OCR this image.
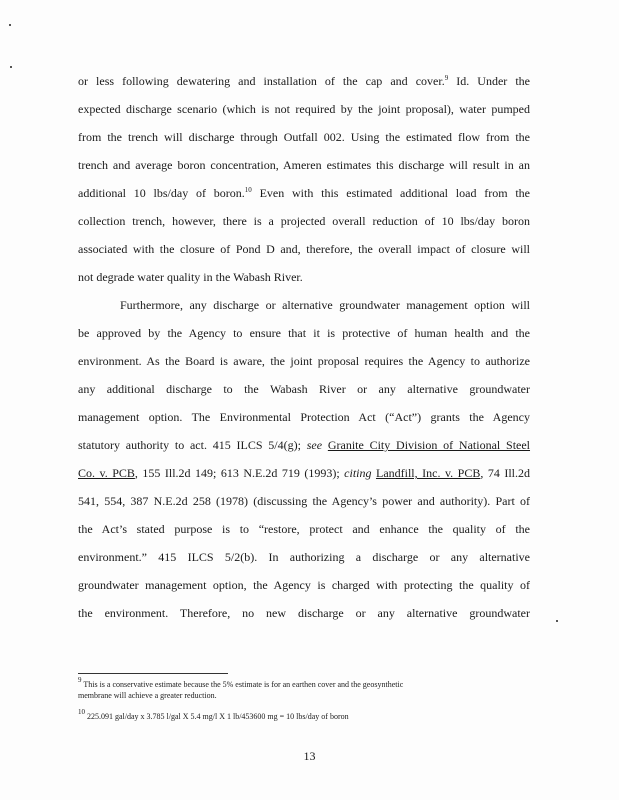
or less following dewatering and installation of the cap and cover.$^9$ Id. Under the
expected discharge scenario (which is not required by the joint proposal), water pumped
from the trench will discharge through Outfall 002. Using the estimated flow from the
trench and average boron concentration, Ameren estimates this discharge will result in an
additional 10 lbs/day of boron.$^{10}$ Even with this estimated additional load from the
collection trench, however, there is a projected overall reduction of 10 lbs/day boron
associated with the closure of Pond D and, therefore, the overall impact of closure will
not degrade water quality in the Wabash River.
Furthermore, any discharge or alternative groundwater management option will
be approved by the Agency to ensure that it is protective of human health and the
environment. As the Board is aware, the joint proposal requires the Agency to authorize
any additional discharge to the Wabash River or any alternative groundwater
management option. The Environmental Protection Act (“Act”) grants the Agency
statutory authority to act. 415 ILCS 5/4(g); see Granite City Division of National Steel
Co. v. PCB, 155 Ill.2d 149; 613 N.E.2d 719 (1993); citing Landfill, Inc. v. PCB, 74 Ill.2d
541, 554, 387 N.E.2d 258 (1978) (discussing the Agency’s power and authority). Part of
the Act’s stated purpose is to “restore, protect and enhance the quality of the
environment.” 415 ILCS 5/2(b). In authorizing a discharge or any alternative
groundwater management option, the Agency is charged with protecting the quality of
the environment. Therefore, no new discharge or any alternative groundwater
$^9$ This is a conservative estimate because the 5% estimate is for an earthen cover and the geosynthetic
membrane will achieve a greater reduction.
$^{10}$ 225.091 gal/day x 3.785 l/gal X 5.4 mg/l X 1 lb/453600 mg = 10 lbs/day of boron
13
